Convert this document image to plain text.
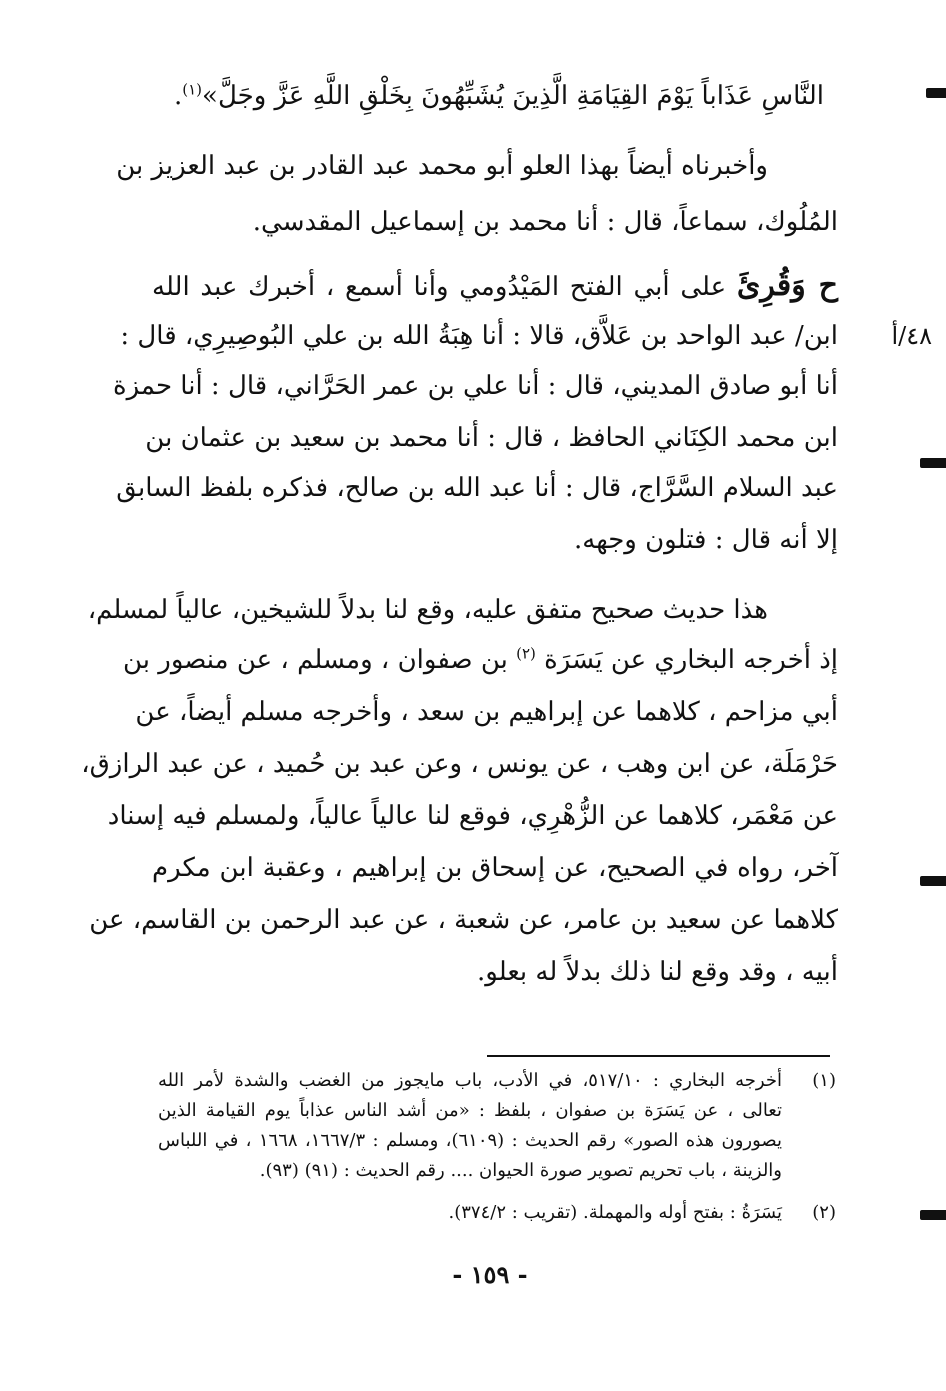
النَّاسِ عَذَاباً يَوْمَ القِيَامَةِ الَّذِينَ يُشَبِّهُونَ بِخَلْقِ اللَّهِ عَزَّ وجَلَّ»$^{(١)}$.
وأخبرناه أيضاً بهذا العلو أبو محمد عبد القادر بن عبد العزيز بن
المُلُوك، سماعاً، قال : أنا محمد بن إسماعيل المقدسي.
ح وَقُرِئَ على أبي الفتح المَيْدُومي وأنا أسمع ، أخبرك عبد الله
ابن/ عبد الواحد بن عَلاَّق، قالا : أنا هِبَةُ الله بن علي البُوصِيرِي، قال :	٤٨/أ
أنا أبو صادق المديني، قال : أنا علي بن عمر الحَرَّاني، قال : أنا حمزة
ابن محمد الكِنَاني الحافظ ، قال : أنا محمد بن سعيد بن عثمان بن
عبد السلام السَّرَّاج، قال : أنا عبد الله بن صالح، فذكره بلفظ السابق
إلا أنه قال : فتلون وجهه.
هذا حديث صحيح متفق عليه، وقع لنا بدلاً للشيخين، عالياً لمسلم،
إذ أخرجه البخاري عن يَسَرَة $^{(٢)}$ بن صفوان ، ومسلم ، عن منصور بن
أبي مزاحم ، كلاهما عن إبراهيم بن سعد ، وأخرجه مسلم أيضاً، عن
حَرْمَلَة، عن ابن وهب ، عن يونس ، وعن عبد بن حُميد ، عن عبد الرازق،
عن مَعْمَر، كلاهما عن الزُّهْرِي، فوقع لنا عالياً عالياً، ولمسلم فيه إسناد
آخر، رواه في الصحيح، عن إسحاق بن إبراهيم ، وعقبة ابن مكرم
كلاهما عن سعيد بن عامر، عن شعبة ، عن عبد الرحمن بن القاسم، عن
أبيه ، وقد وقع لنا ذلك بدلاً له بعلو.
(١)
أخرجه البخاري : ٥١٧/١٠، في الأدب، باب مايجوز من الغضب والشدة لأمر الله
تعالى ، عن يَسَرَة بن صفوان ، بلفظ : «من أشد الناس عذاباً يوم القيامة الذين
يصورون هذه الصور» رقم الحديث : (٦١٠٩)، ومسلم : ١٦٦٧/٣، ١٦٦٨ ، في اللباس
والزينة ، باب تحريم تصوير صورة الحيوان .... رقم الحديث : (٩١) (٩٣).
(٢)
يَسَرَةُ : بفتح أوله والمهملة. (تقريب : ٣٧٤/٢).
- ١٥٩ -
